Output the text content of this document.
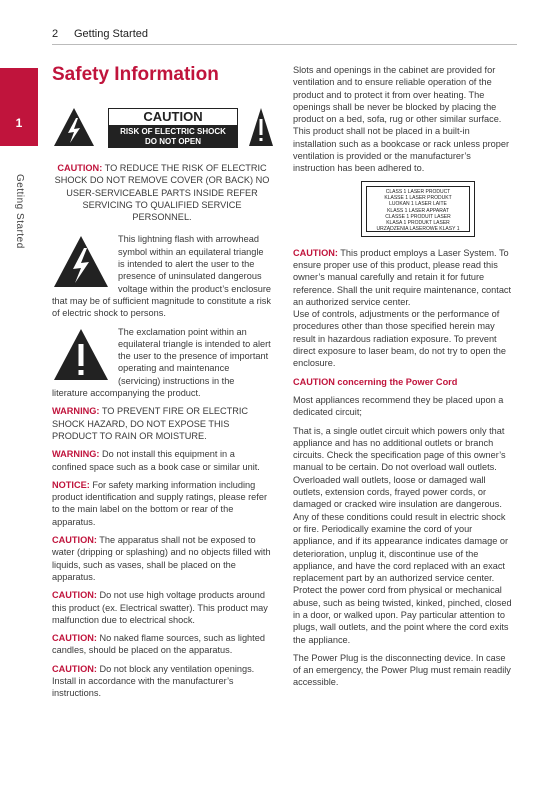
2 Getting Started
1
Getting Started
Safety Information
CAUTION
RISK OF ELECTRIC SHOCK
DO NOT OPEN

CAUTION: TO REDUCE THE RISK OF ELECTRIC SHOCK DO NOT REMOVE COVER (OR BACK) NO USER-SERVICEABLE PARTS INSIDE REFER SERVICING TO QUALIFIED SERVICE PERSONNEL.

This lightning flash with arrowhead symbol within an equilateral triangle is intended to alert the user to the presence of uninsulated dangerous voltage within the product’s enclosure that may be of sufficient magnitude to constitute a risk of electric shock to persons.

The exclamation point within an equilateral triangle is intended to alert the user to the presence of important operating and maintenance (servicing) instructions in the literature accompanying the product.

WARNING: TO PREVENT FIRE OR ELECTRIC SHOCK HAZARD, DO NOT EXPOSE THIS PRODUCT TO RAIN OR MOISTURE.

WARNING: Do not install this equipment in a confined space such as a book case or similar unit.

NOTICE: For safety marking information including product identification and supply ratings, please refer to the main label on the bottom or rear of the apparatus.

CAUTION: The apparatus shall not be exposed to water (dripping or splashing) and no objects filled with liquids, such as vases, shall be placed on the apparatus.

CAUTION: Do not use high voltage products around this product (ex. Electrical swatter). This product may malfunction due to electrical shock.

CAUTION: No naked flame sources, such as lighted candles, should be placed on the apparatus.

CAUTION: Do not block any ventilation openings. Install in accordance with the manufacturer’s instructions.

Slots and openings in the cabinet are provided for ventilation and to ensure reliable operation of the product and to protect it from over heating. The openings shall be never be blocked by placing the product on a bed, sofa, rug or other similar surface. This product shall not be placed in a built-in installation such as a bookcase or rack unless proper ventilation is provided or the manufacturer’s instruction has been adhered to.

CLASS 1 LASER PRODUCT
KLASSE 1 LASER PRODUKT
LUOKAN 1 LASER LAITE
KLASS 1 LASER APPARAT
CLASSE 1 PRODUIT LASER
KLASA 1 PRODUKT LASER
URZĄDZENIA LASEROWE KLASY 1

CAUTION: This product employs a Laser System. To ensure proper use of this product, please read this owner’s manual carefully and retain it for future reference. Shall the unit require maintenance, contact an authorized service center.

Use of controls, adjustments or the performance of procedures other than those specified herein may result in hazardous radiation exposure. To prevent direct exposure to laser beam, do not try to open the enclosure.

CAUTION concerning the Power Cord

Most appliances recommend they be placed upon a dedicated circuit;

That is, a single outlet circuit which powers only that appliance and has no additional outlets or branch circuits. Check the specification page of this owner’s manual to be certain. Do not overload wall outlets. Overloaded wall outlets, loose or damaged wall outlets, extension cords, frayed power cords, or damaged or cracked wire insulation are dangerous. Any of these conditions could result in electric shock or fire. Periodically examine the cord of your appliance, and if its appearance indicates damage or deterioration, unplug it, discontinue use of the appliance, and have the cord replaced with an exact replacement part by an authorized service center. Protect the power cord from physical or mechanical abuse, such as being twisted, kinked, pinched, closed in a door, or walked upon. Pay particular attention to plugs, wall outlets, and the point where the cord exits the appliance.

The Power Plug is the disconnecting device. In case of an emergency, the Power Plug must remain readily accessible.
